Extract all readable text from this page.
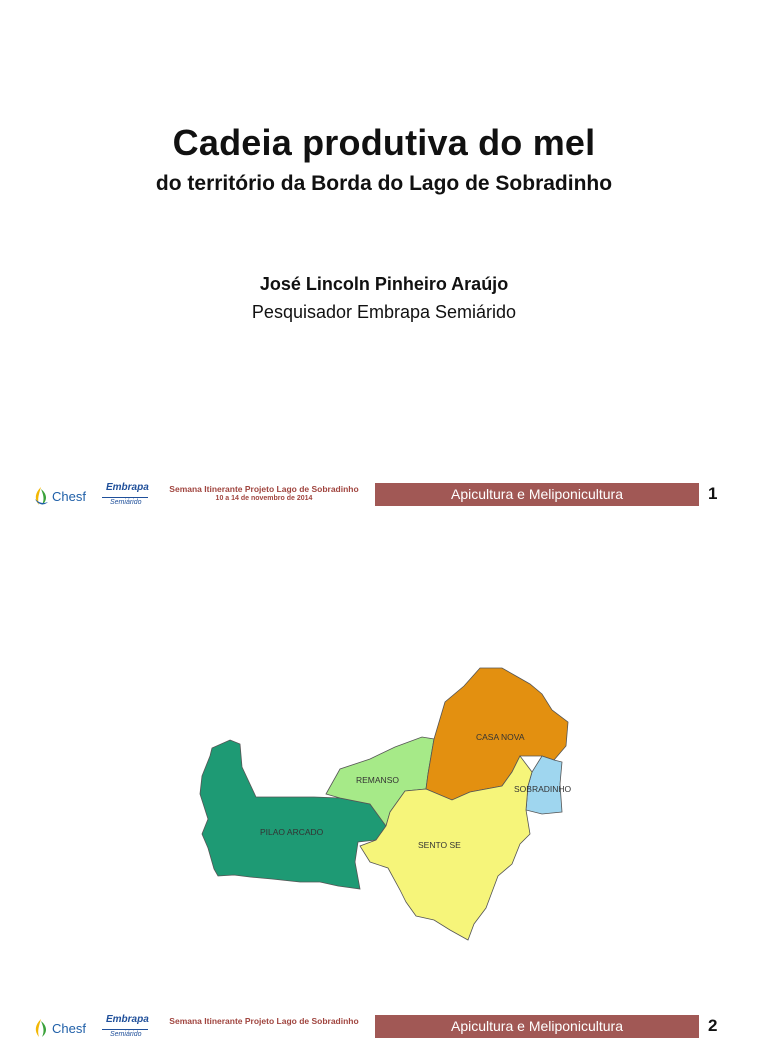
Cadeia produtiva do mel
do território da Borda do Lago de Sobradinho
José Lincoln Pinheiro Araújo
Pesquisador Embrapa Semiárido
Chesf
Embrapa
Semiárido
Semana Itinerante Projeto Lago de Sobradinho
10 a 14 de novembro de 2014	Apicultura e Meliponicultura	1
CASA NOVA
REMANSO
PILAO ARCADO
SENTO SE
SOBRADINHO
Chesf
Embrapa
Semiárido
Semana Itinerante Projeto Lago de Sobradinho	Apicultura e Meliponicultura	2
